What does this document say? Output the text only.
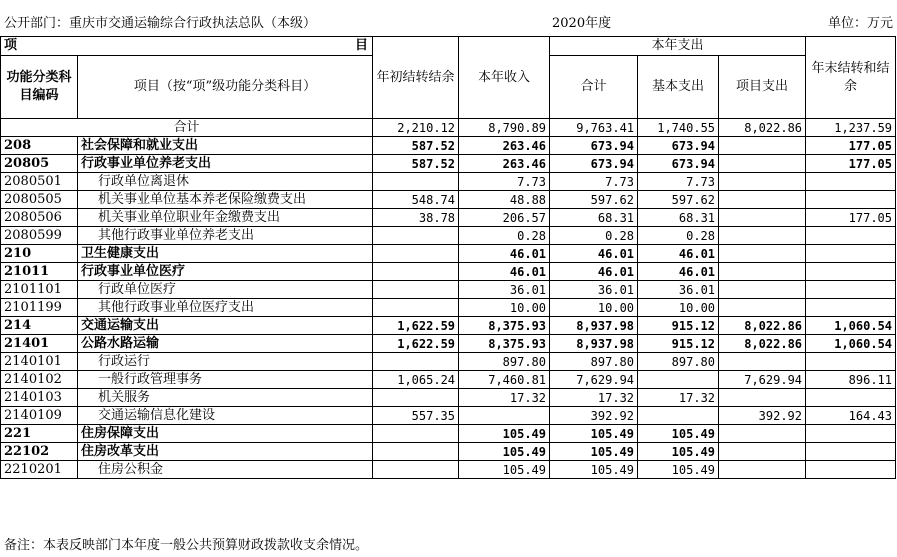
公开部门：重庆市交通运输综合行政执法总队（本级）	2020年度	单位：万元
项 目		年初结转结余	本年收入	本年支出			年末结转和结余
功能分类科目编码	项目（按“项”级功能分类科目）			合计	基本支出	项目支出	
合计		2,210.12	8,790.89	9,763.41	1,740.55	8,022.86	1,237.59
208	社会保障和就业支出	587.52	263.46	673.94	673.94		177.05
20805	行政事业单位养老支出	587.52	263.46	673.94	673.94		177.05
2080501	行政单位离退休		7.73	7.73	7.73		
2080505	机关事业单位基本养老保险缴费支出	548.74	48.88	597.62	597.62		
2080506	机关事业单位职业年金缴费支出	38.78	206.57	68.31	68.31		177.05
2080599	其他行政事业单位养老支出		0.28	0.28	0.28		
210	卫生健康支出		46.01	46.01	46.01		
21011	行政事业单位医疗		46.01	46.01	46.01		
2101101	行政单位医疗		36.01	36.01	36.01		
2101199	其他行政事业单位医疗支出		10.00	10.00	10.00		
214	交通运输支出	1,622.59	8,375.93	8,937.98	915.12	8,022.86	1,060.54
21401	公路水路运输	1,622.59	8,375.93	8,937.98	915.12	8,022.86	1,060.54
2140101	行政运行		897.80	897.80	897.80		
2140102	一般行政管理事务	1,065.24	7,460.81	7,629.94		7,629.94	896.11
2140103	机关服务		17.32	17.32	17.32		
2140109	交通运输信息化建设	557.35		392.92		392.92	164.43
221	住房保障支出		105.49	105.49	105.49		
22102	住房改革支出		105.49	105.49	105.49		
2210201	住房公积金		105.49	105.49	105.49		
备注：本表反映部门本年度一般公共预算财政拨款收支余情况。
